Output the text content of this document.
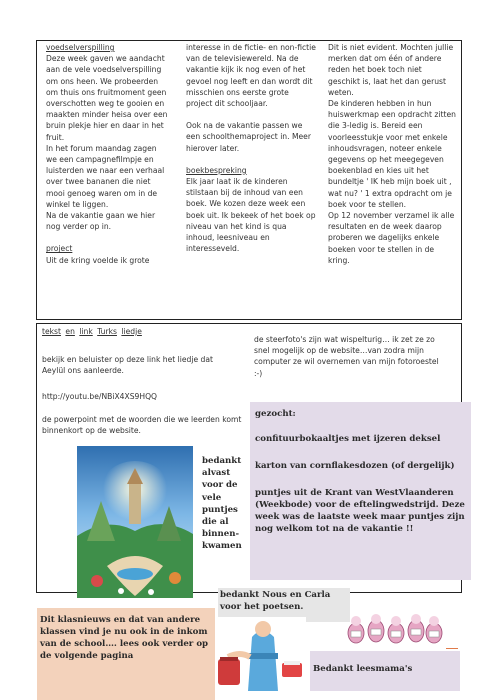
voedselverspilling
Deze week gaven we aandacht aan de vele voedselverspilling om ons heen. We probeerden om thuis ons fruitmoment geen overschotten weg te gooien en maakten minder heisa over een bruin plekje hier en daar in het fruit.
In het forum maandag zagen we een campagnefilmpje en luisterden we naar een verhaal over twee bananen die niet mooi genoeg waren om in de winkel te liggen.
Na de vakantie gaan we hier nog verder op in.
project
Uit de kring voelde ik grote
interesse in de fictie- en non-fictie van de televisiewereld. Na de vakantie kijk ik nog even of het gevoel nog leeft en dan wordt dit misschien ons eerste grote project dit schooljaar.
Ook na de vakantie passen we een schoolthemaproject in. Meer hierover later.
boekbespreking
Elk jaar laat ik de kinderen stilstaan bij de inhoud van een boek. We kozen deze week een boek uit. Ik bekeek of het boek op niveau van het kind is qua inhoud, leesniveau en interesseveld.
Dit is niet evident. Mochten jullie merken dat om één of andere reden het boek toch niet geschikt is, laat het dan gerust weten.
De kinderen hebben in hun huiswerkmap een opdracht zitten die 3-ledig is. Bereid een voorleesstukje voor met enkele inhoudsvragen, noteer enkele gegevens op het meegegeven boekenblad en kies uit het bundeltje ' IK heb mijn boek uit , wat nu? ' 1 extra opdracht om je boek voor te stellen.
Op 12 november verzamel ik alle resultaten en de week daarop proberen we dagelijks enkele boeken voor te stellen in de kring.
tekst en link Turks liedje
bekijk en beluister op deze link het liedje dat Aeylül ons aanleerde.
http://youtu.be/NBiX4XS9HQQ
de powerpoint met de woorden die we leerden komt binnenkort op de website.
de steerfoto's zijn wat wispelturig… ik zet ze zo snel mogelijk op de website…van zodra mijn computer ze wil overnemen van mijn fotoroestel :-)
bedankt alvast voor de vele puntjes die al binnen-kwamen
gezocht:
confituurbokaaltjes met ijzeren deksel
karton van cornflakesdozen (of dergelijk)
puntjes uit de Krant van WestVlaanderen (Weekbode) voor de eftelingwedstrijd. Deze week was de laatste week maar puntjes zijn nog welkom tot na de vakantie !!
bedankt Nous en Carla voor het poetsen.
Dit klasnieuws en dat van andere klassen vind je nu ook in de inkom van de school…. lees ook verder op de volgende pagina
Bedankt leesmama's
